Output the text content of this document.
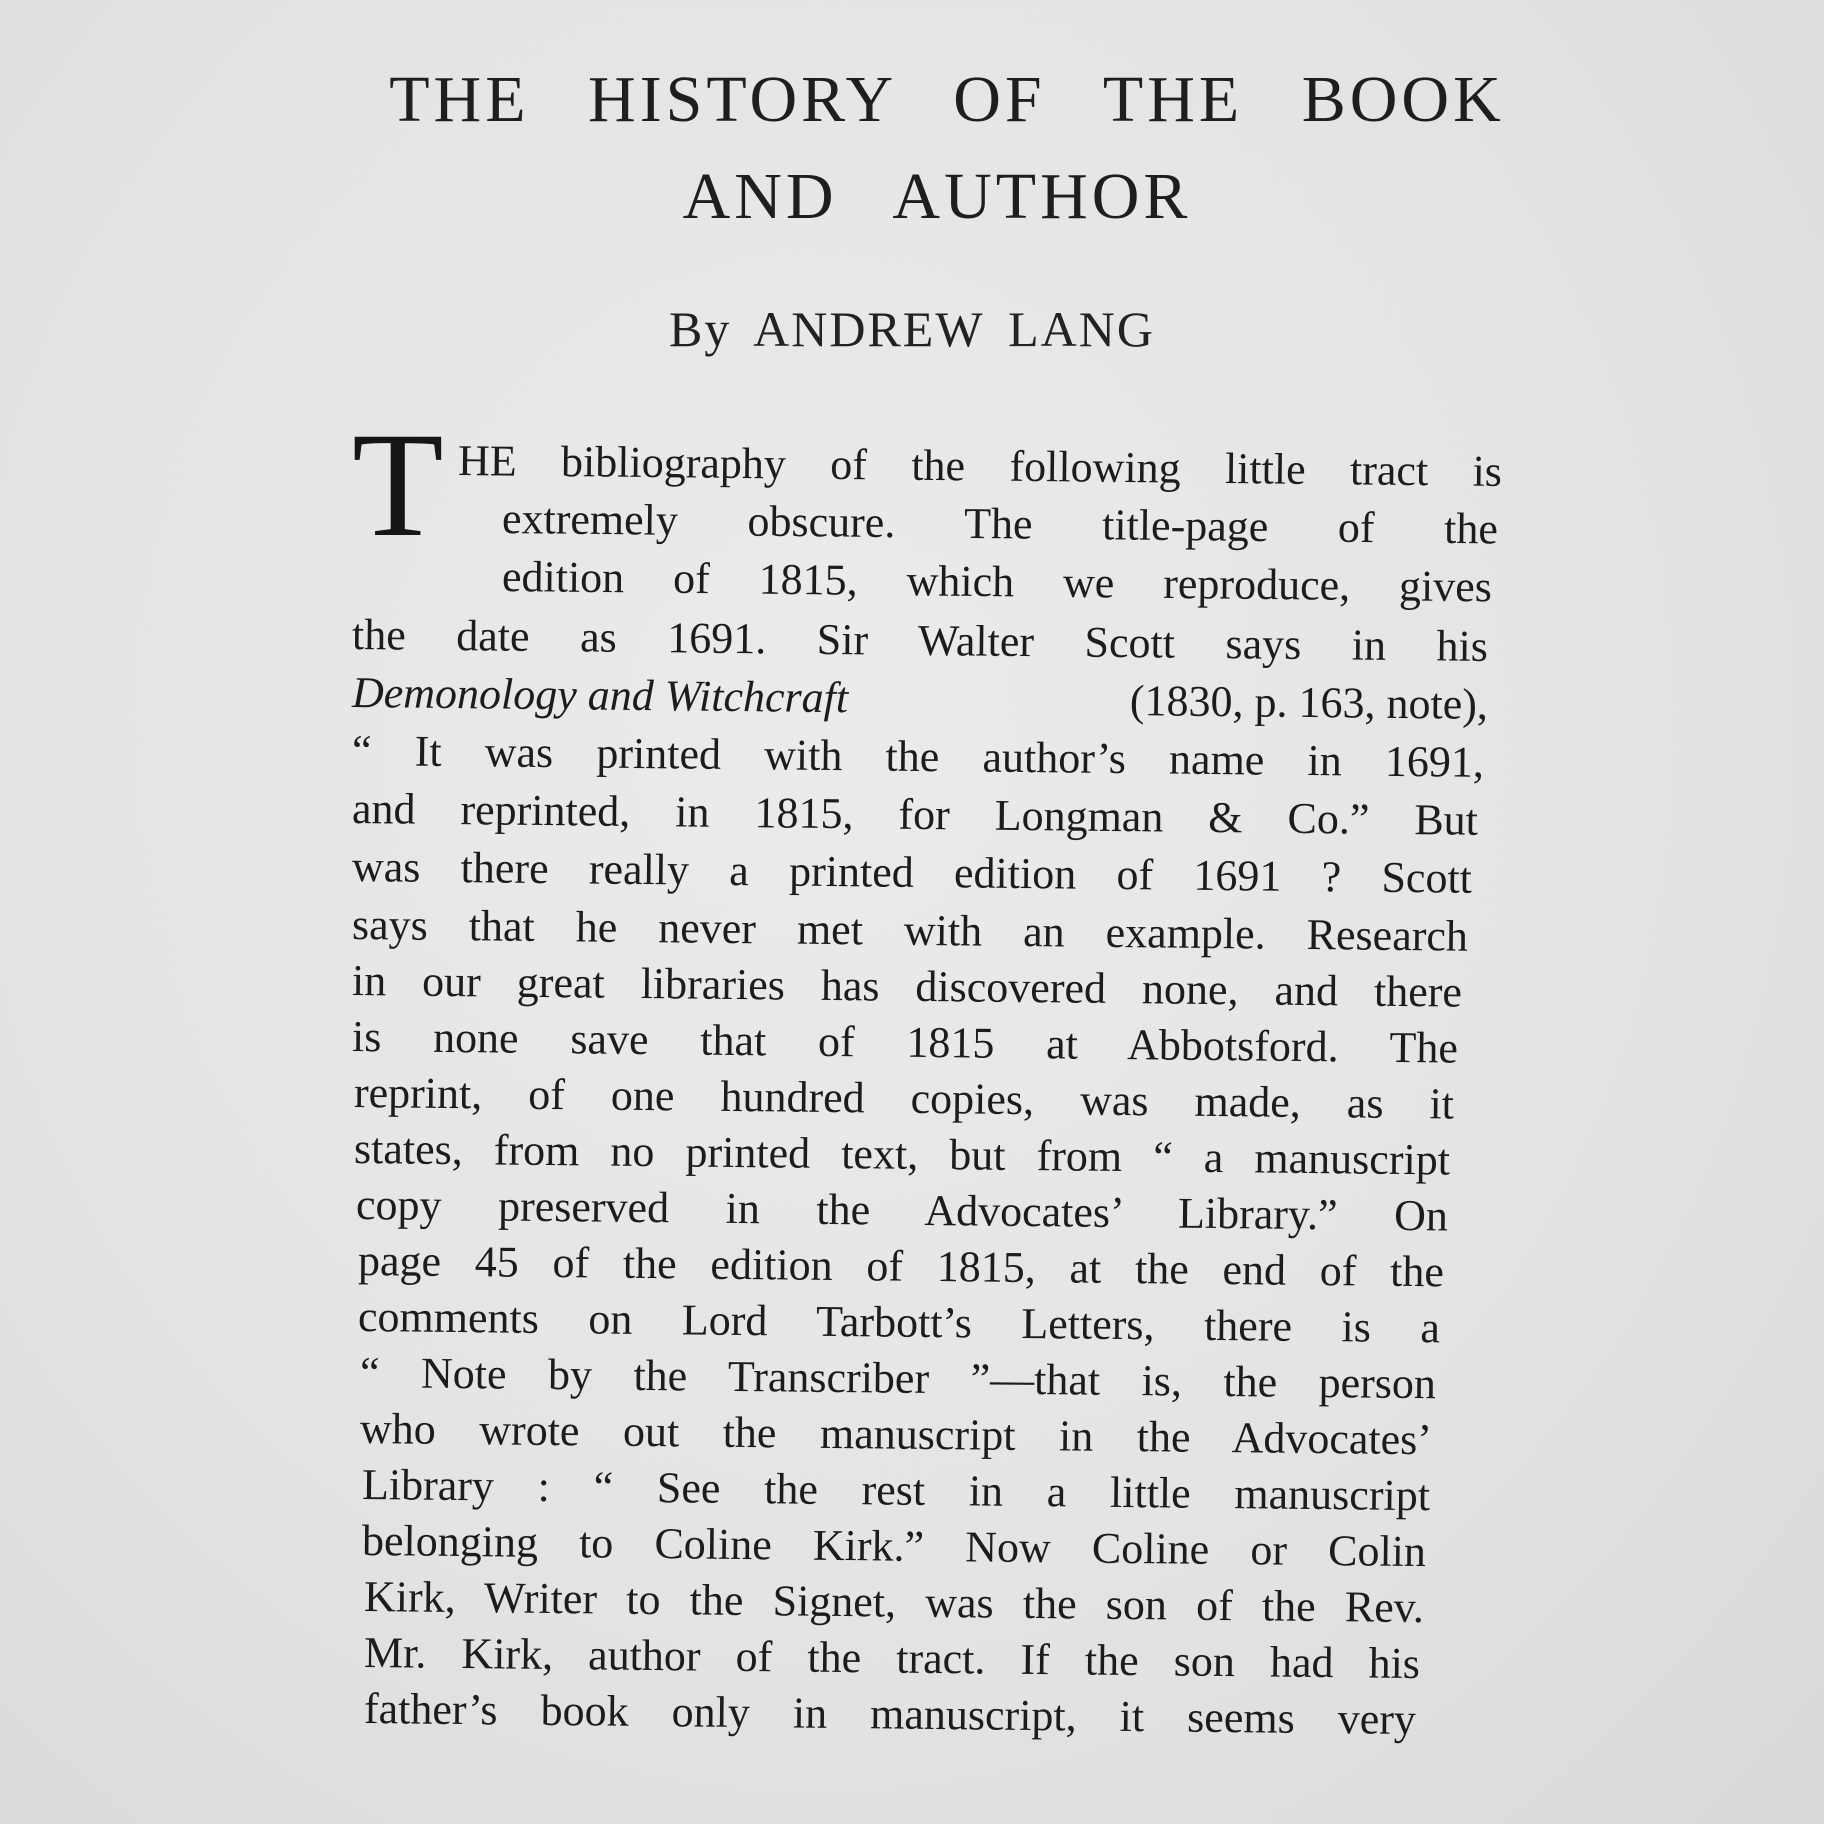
THE HISTORY OF THE BOOK
AND AUTHOR
By ANDREW LANG
T HE bibliography of the following little tract is
extremely obscure. The title-page of the
edition of 1815, which we reproduce, gives
the date as 1691. Sir Walter Scott says in his
Demonology and Witchcraft	(1830, p. 163, note),
“ It was printed with the author’s name in 1691,
and reprinted, in 1815, for Longman & Co.” But
was there really a printed edition of 1691 ? Scott
says that he never met with an example. Research
in our great libraries has discovered none, and there
is none save that of 1815 at Abbotsford. The
reprint, of one hundred copies, was made, as it
states, from no printed text, but from “ a manuscript
copy preserved in the Advocates’ Library.” On
page 45 of the edition of 1815, at the end of the
comments on Lord Tarbott’s Letters, there is a
“ Note by the Transcriber ”—that is, the person
who wrote out the manuscript in the Advocates’
Library : “ See the rest in a little manuscript
belonging to Coline Kirk.” Now Coline or Colin
Kirk, Writer to the Signet, was the son of the Rev.
Mr. Kirk, author of the tract. If the son had his
father’s book only in manuscript, it seems very
